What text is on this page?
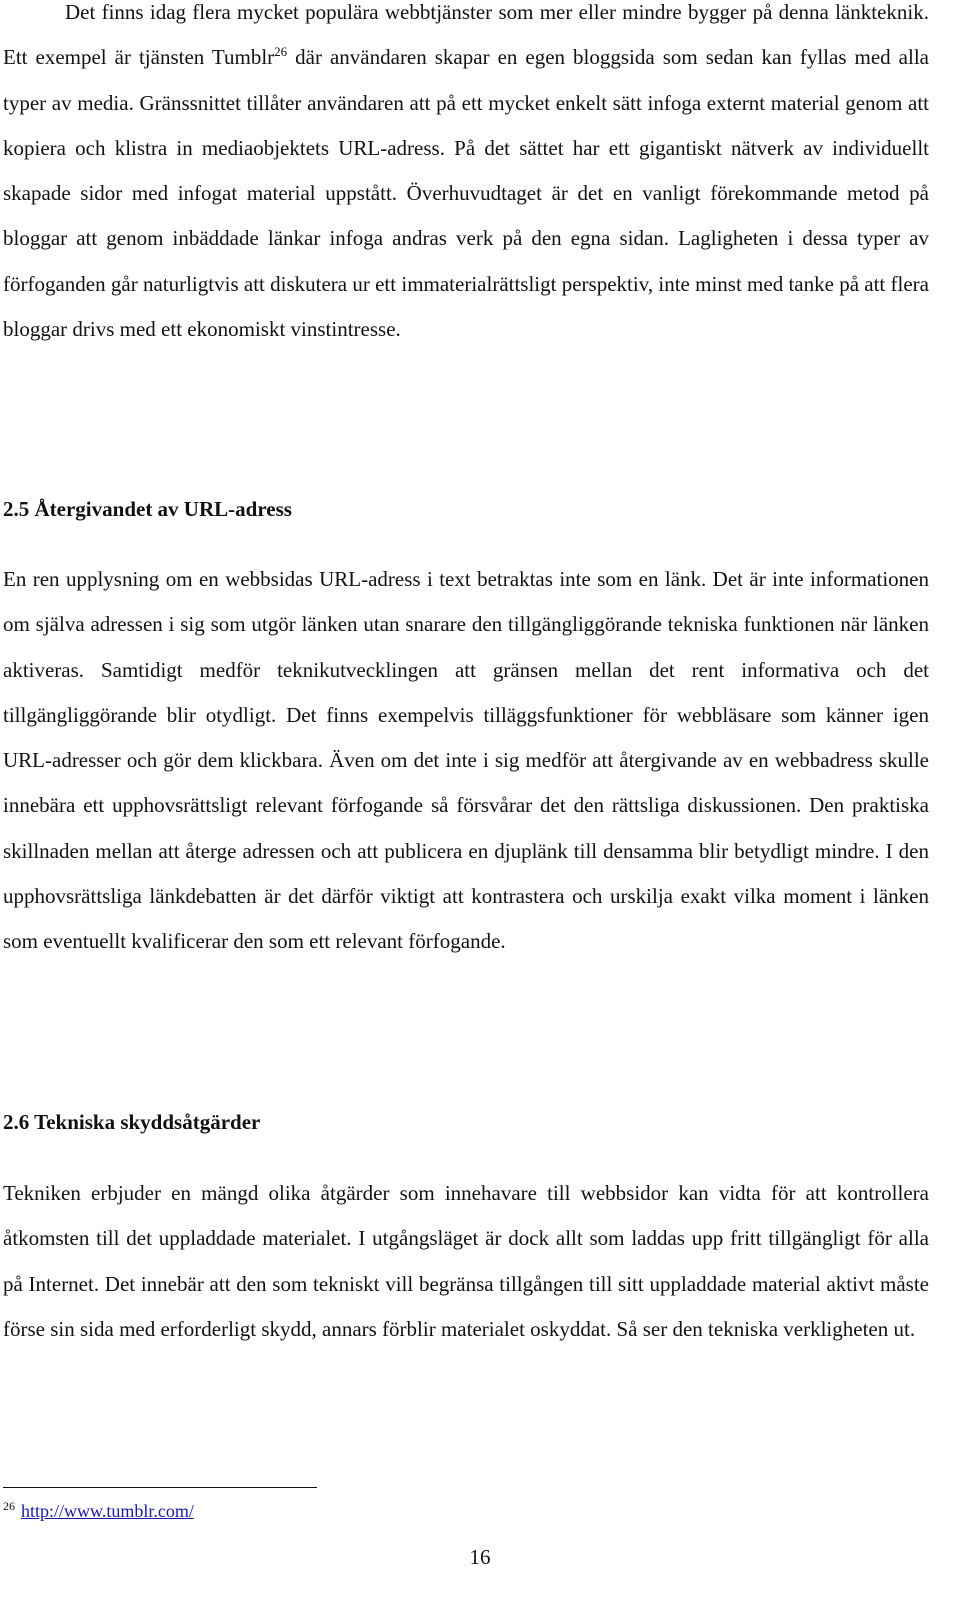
Det finns idag flera mycket populära webbtjänster som mer eller mindre bygger på denna länkteknik. Ett exempel är tjänsten Tumblr$^{26}$ där användaren skapar en egen bloggsida som sedan kan fyllas med alla typer av media. Gränssnittet tillåter användaren att på ett mycket enkelt sätt infoga externt material genom att kopiera och klistra in mediaobjektets URL-adress. På det sättet har ett gigantiskt nätverk av individuellt skapade sidor med infogat material uppstått. Överhuvudtaget är det en vanligt förekommande metod på bloggar att genom inbäddade länkar infoga andras verk på den egna sidan. Lagligheten i dessa typer av förfoganden går naturligtvis att diskutera ur ett immaterialrättsligt perspektiv, inte minst med tanke på att flera bloggar drivs med ett ekonomiskt vinstintresse.

2.5 Återgivandet av URL-adress

En ren upplysning om en webbsidas URL-adress i text betraktas inte som en länk. Det är inte informationen om själva adressen i sig som utgör länken utan snarare den tillgängliggörande tekniska funktionen när länken aktiveras. Samtidigt medför teknikutvecklingen att gränsen mellan det rent informativa och det tillgängliggörande blir otydligt. Det finns exempelvis tilläggsfunktioner för webbläsare som känner igen URL-adresser och gör dem klickbara. Även om det inte i sig medför att återgivande av en webbadress skulle innebära ett upphovsrättsligt relevant förfogande så försvårar det den rättsliga diskussionen. Den praktiska skillnaden mellan att återge adressen och att publicera en djuplänk till densamma blir betydligt mindre. I den upphovsrättsliga länkdebatten är det därför viktigt att kontrastera och urskilja exakt vilka moment i länken som eventuellt kvalificerar den som ett relevant förfogande.

2.6 Tekniska skyddsåtgärder

Tekniken erbjuder en mängd olika åtgärder som innehavare till webbsidor kan vidta för att kontrollera åtkomsten till det uppladdade materialet. I utgångsläget är dock allt som laddas upp fritt tillgängligt för alla på Internet. Det innebär att den som tekniskt vill begränsa tillgången till sitt uppladdade material aktivt måste förse sin sida med erforderligt skydd, annars förblir materialet oskyddat. Så ser den tekniska verkligheten ut.

$^{26}$ http://www.tumblr.com/
16
